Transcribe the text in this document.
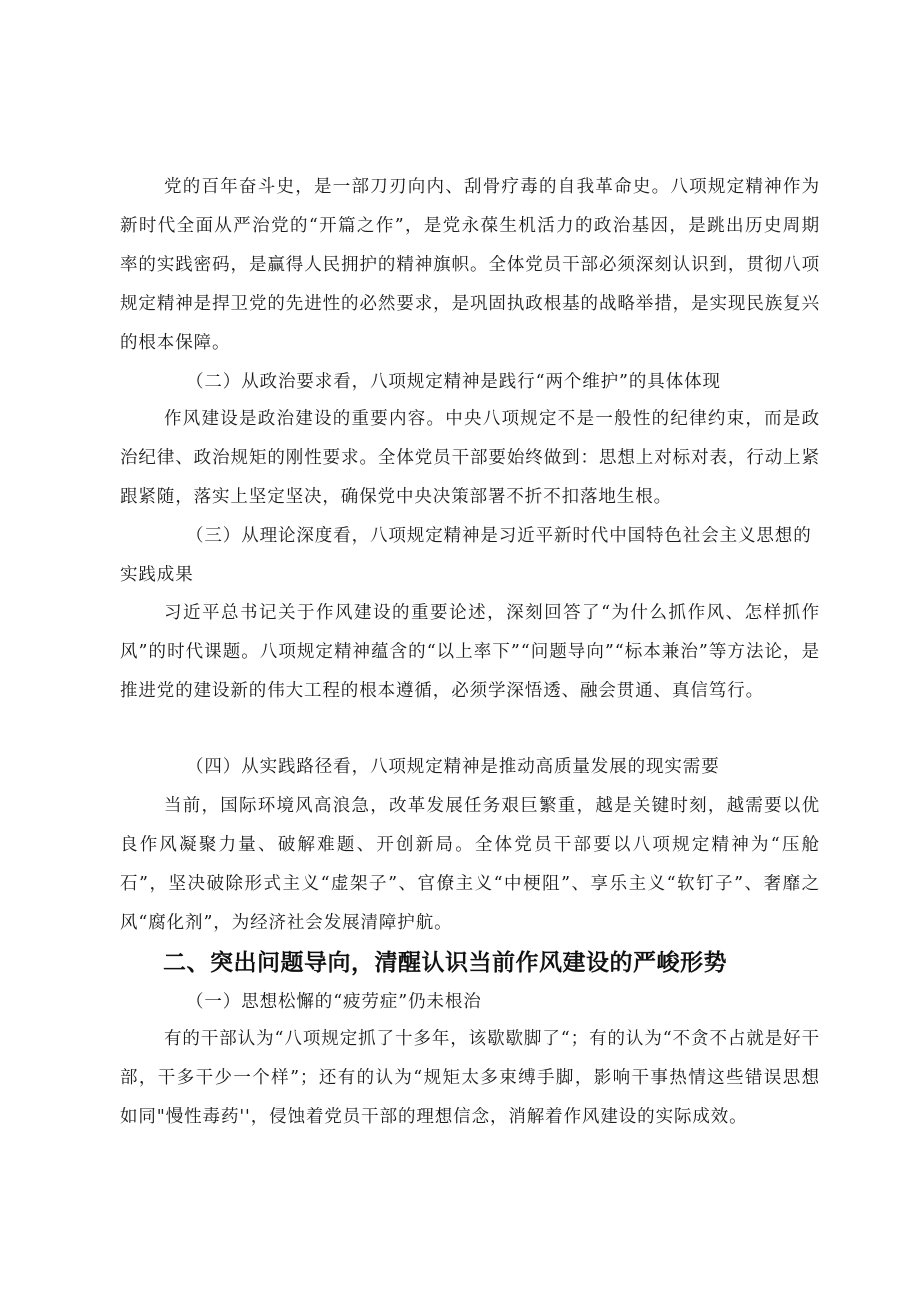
党的百年奋斗史，是一部刀刃向内、刮骨疗毒的自我革命史。八项规定精神作为新时代全面从严治党的“开篇之作”，是党永葆生机活力的政治基因，是跳出历史周期率的实践密码，是赢得人民拥护的精神旗帜。全体党员干部必须深刻认识到，贯彻八项规定精神是捍卫党的先进性的必然要求，是巩固执政根基的战略举措，是实现民族复兴的根本保障。

（二）从政治要求看，八项规定精神是践行“两个维护”的具体体现

作风建设是政治建设的重要内容。中央八项规定不是一般性的纪律约束，而是政治纪律、政治规矩的刚性要求。全体党员干部要始终做到：思想上对标对表，行动上紧跟紧随，落实上坚定坚决，确保党中央决策部署不折不扣落地生根。

（三）从理论深度看，八项规定精神是习近平新时代中国特色社会主义思想的实践成果

习近平总书记关于作风建设的重要论述，深刻回答了“为什么抓作风、怎样抓作风”的时代课题。八项规定精神蕴含的“以上率下”“问题导向”“标本兼治”等方法论，是推进党的建设新的伟大工程的根本遵循，必须学深悟透、融会贯通、真信笃行。

（四）从实践路径看，八项规定精神是推动高质量发展的现实需要

当前，国际环境风高浪急，改革发展任务艰巨繁重，越是关键时刻，越需要以优良作风凝聚力量、破解难题、开创新局。全体党员干部要以八项规定精神为“压舱石”，坚决破除形式主义“虚架子”、官僚主义“中梗阻”、享乐主义“软钉子”、奢靡之风“腐化剂”，为经济社会发展清障护航。

二、突出问题导向，清醒认识当前作风建设的严峻形势

（一）思想松懈的“疲劳症”仍未根治

有的干部认为“八项规定抓了十多年，该歇歇脚了“；有的认为“不贪不占就是好干部，干多干少一个样”；还有的认为“规矩太多束缚手脚，影响干事热情这些错误思想如同"慢性毒药''，侵蚀着党员干部的理想信念，消解着作风建设的实际成效。
